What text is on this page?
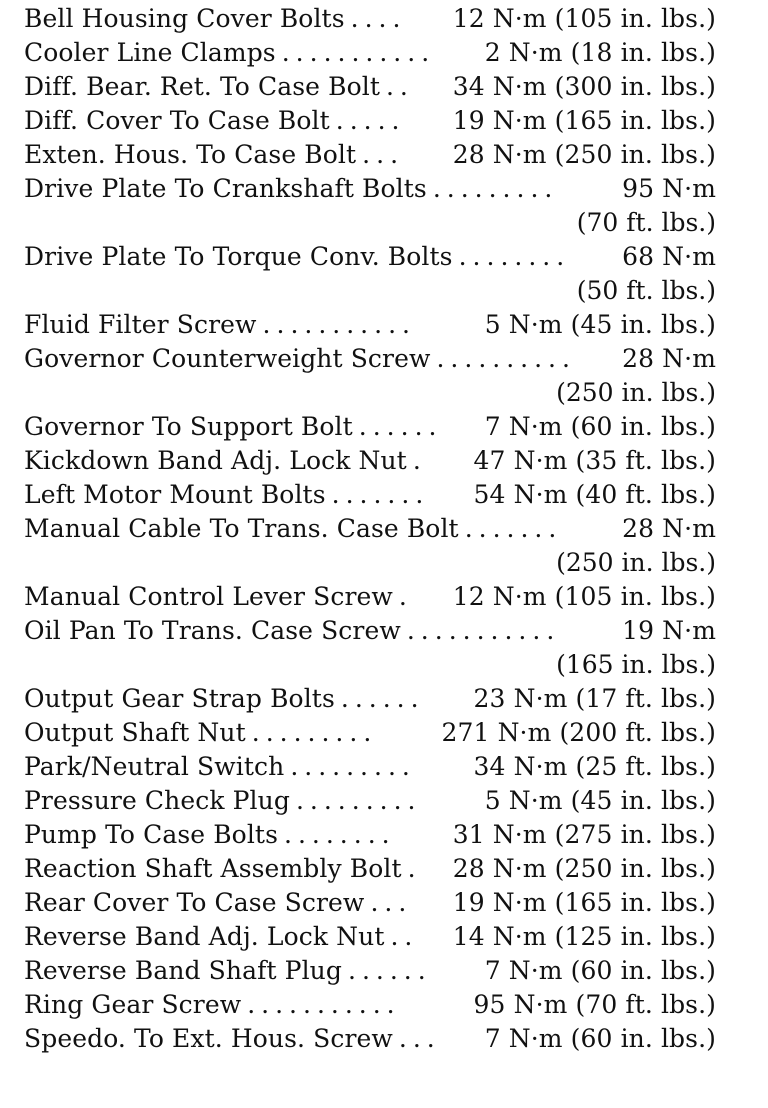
Bell Housing Cover Bolts ....	12 N·m (105 in. lbs.)
Cooler Line Clamps ...........	2 N·m (18 in. lbs.)
Diff. Bear. Ret. To Case Bolt ..	34 N·m (300 in. lbs.)
Diff. Cover To Case Bolt .....	19 N·m (165 in. lbs.)
Exten. Hous. To Case Bolt ...	28 N·m (250 in. lbs.)
Drive Plate To Crankshaft Bolts .........	95 N·m
(70 ft. lbs.)
Drive Plate To Torque Conv. Bolts ........	68 N·m
(50 ft. lbs.)
Fluid Filter Screw ...........	5 N·m (45 in. lbs.)
Governor Counterweight Screw ..........	28 N·m
(250 in. lbs.)
Governor To Support Bolt ......	7 N·m (60 in. lbs.)
Kickdown Band Adj. Lock Nut .	47 N·m (35 ft. lbs.)
Left Motor Mount Bolts .......	54 N·m (40 ft. lbs.)
Manual Cable To Trans. Case Bolt .......	28 N·m
(250 in. lbs.)
Manual Control Lever Screw .	12 N·m (105 in. lbs.)
Oil Pan To Trans. Case Screw ...........	19 N·m
(165 in. lbs.)
Output Gear Strap Bolts ......	23 N·m (17 ft. lbs.)
Output Shaft Nut .........	271 N·m (200 ft. lbs.)
Park/Neutral Switch .........	34 N·m (25 ft. lbs.)
Pressure Check Plug .........	5 N·m (45 in. lbs.)
Pump To Case Bolts ........	31 N·m (275 in. lbs.)
Reaction Shaft Assembly Bolt .	28 N·m (250 in. lbs.)
Rear Cover To Case Screw ...	19 N·m (165 in. lbs.)
Reverse Band Adj. Lock Nut ..	14 N·m (125 in. lbs.)
Reverse Band Shaft Plug ......	7 N·m (60 in. lbs.)
Ring Gear Screw ...........	95 N·m (70 ft. lbs.)
Speedo. To Ext. Hous. Screw ...	7 N·m (60 in. lbs.)
